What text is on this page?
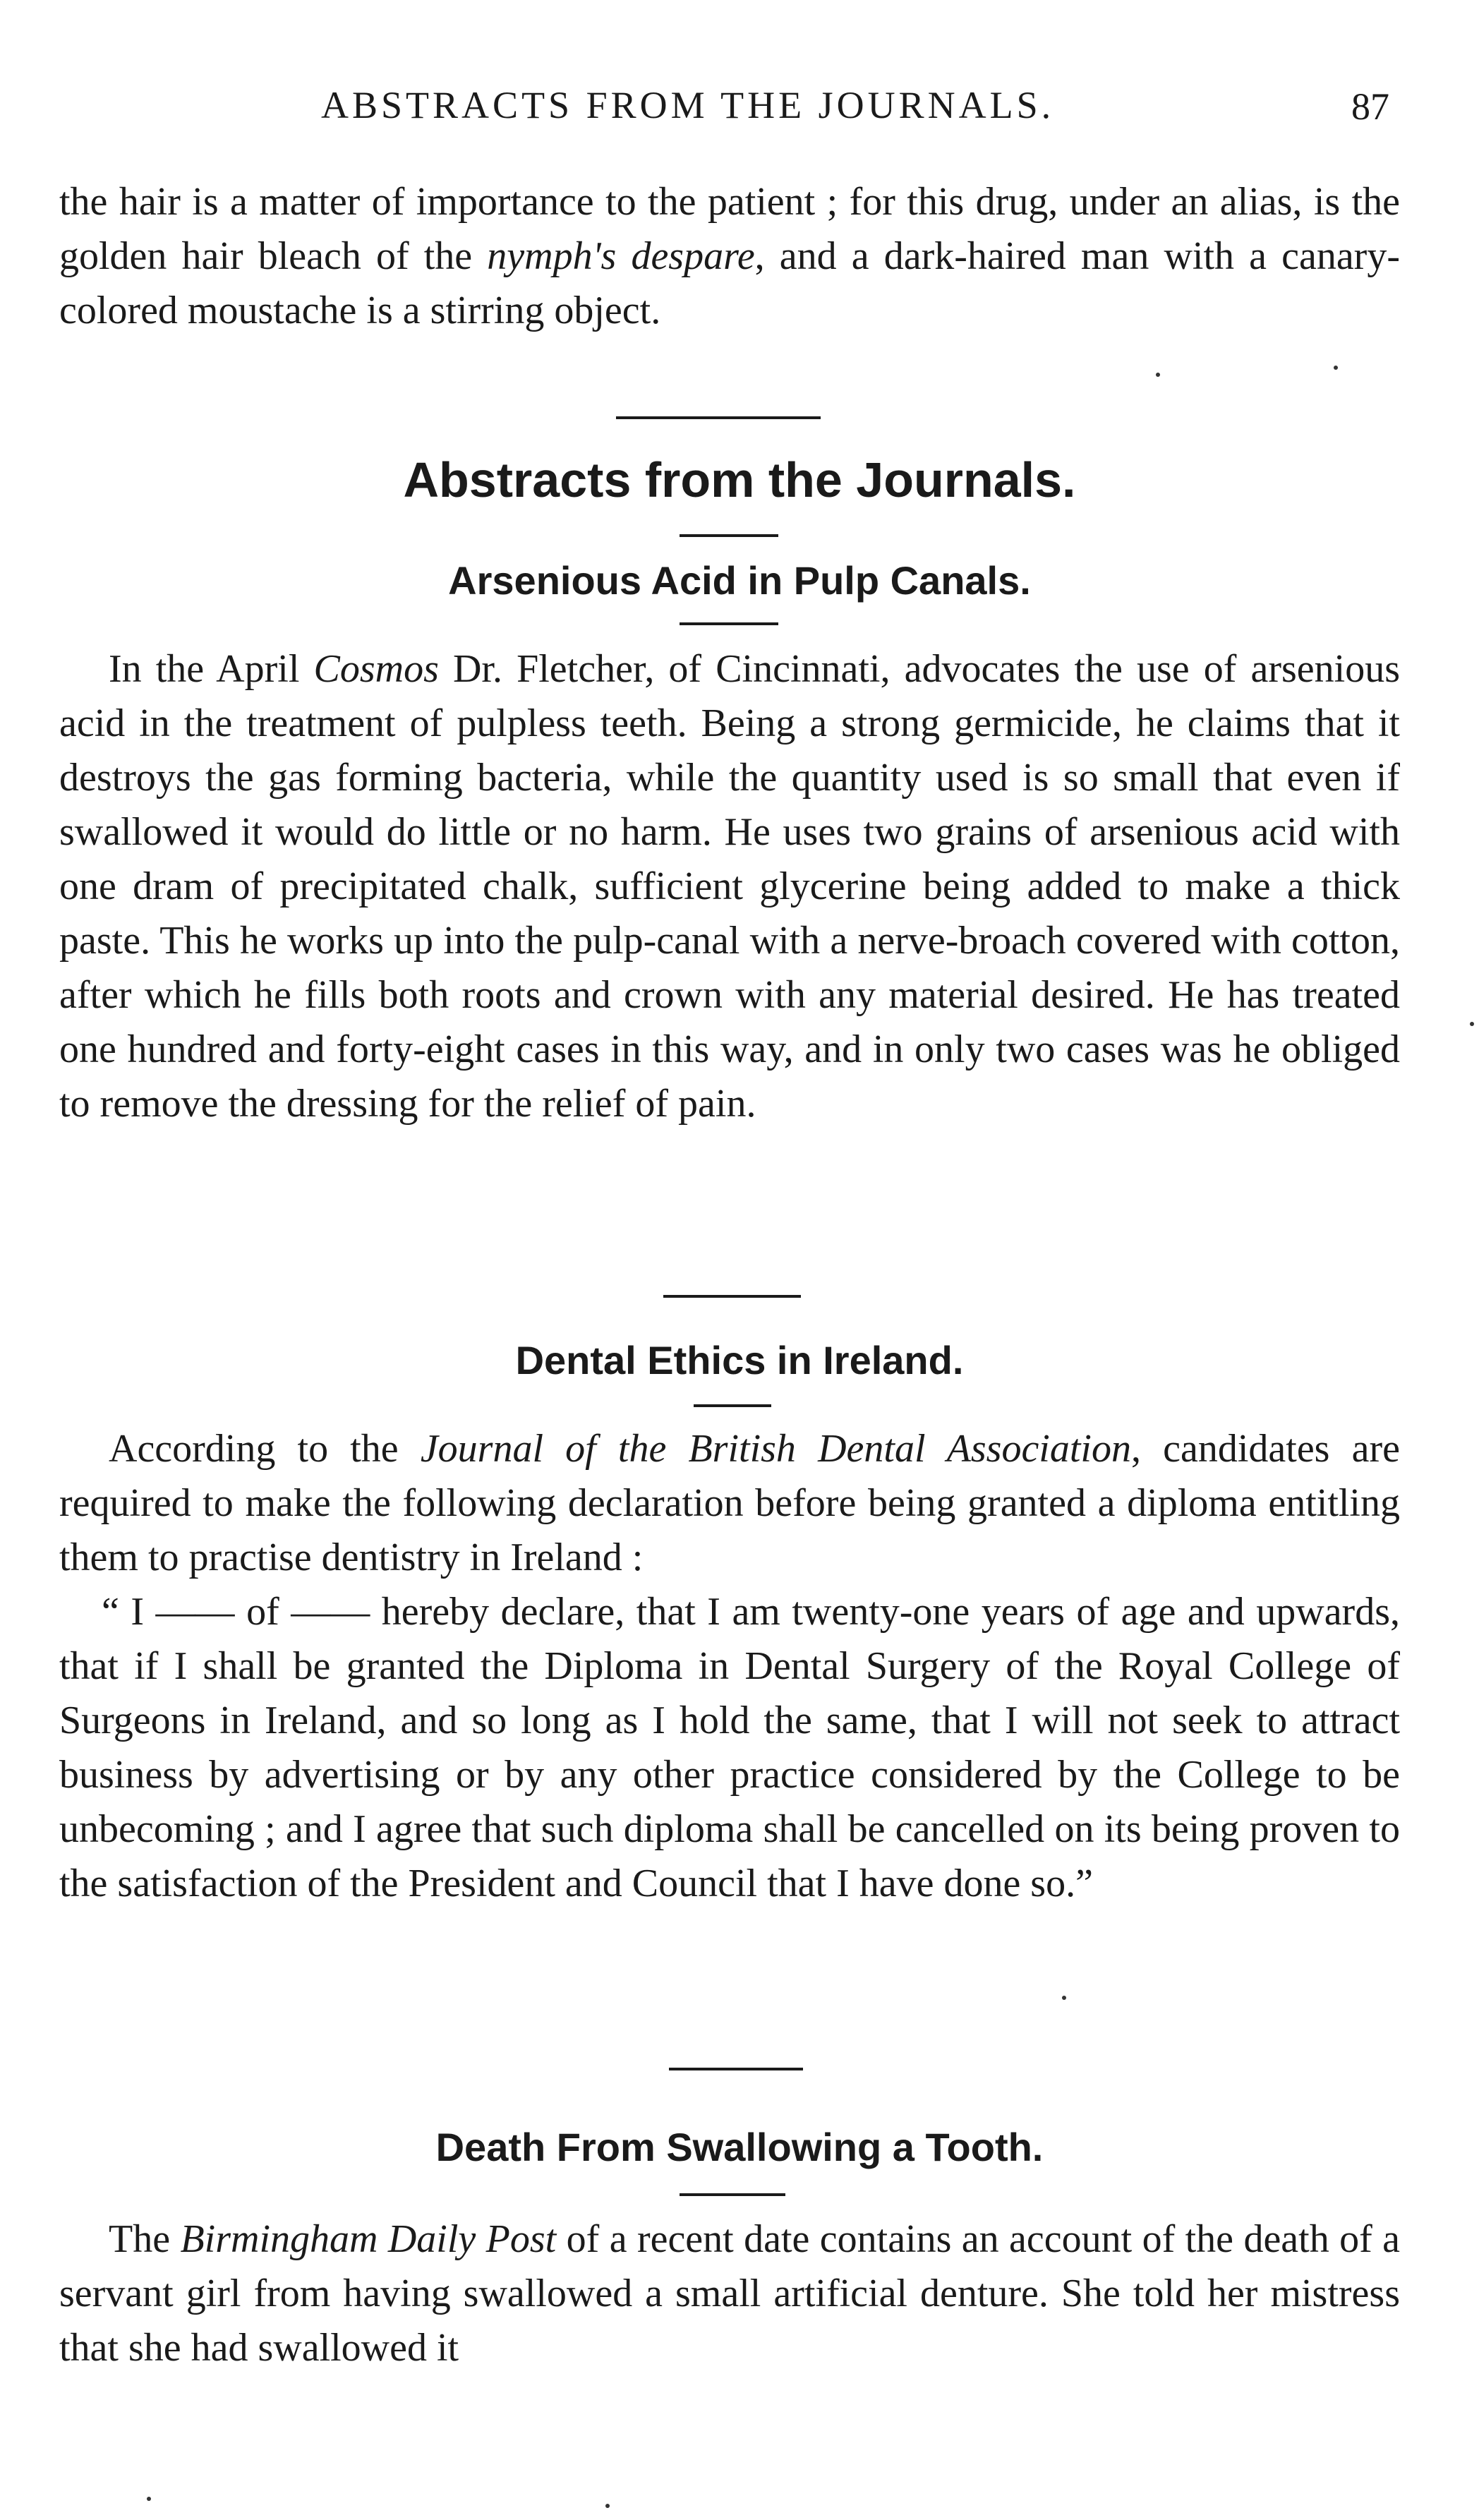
ABSTRACTS FROM THE JOURNALS.	87

the hair is a matter of importance to the patient ; for this drug, under an alias, is the golden hair bleach of the nymph's despare, and a dark-haired man with a canary-colored moustache is a stirring object.

Abstracts from the Journals.
Arsenious Acid in Pulp Canals.

In the April Cosmos Dr. Fletcher, of Cincinnati, advocates the use of arsenious acid in the treatment of pulpless teeth. Being a strong germicide, he claims that it destroys the gas forming bacteria, while the quantity used is so small that even if swallowed it would do little or no harm. He uses two grains of arsenious acid with one dram of precipitated chalk, sufficient glycerine being added to make a thick paste. This he works up into the pulp-canal with a nerve-broach covered with cotton, after which he fills both roots and crown with any material desired. He has treated one hundred and forty-eight cases in this way, and in only two cases was he obliged to remove the dressing for the relief of pain.

Dental Ethics in Ireland.

According to the Journal of the British Dental Association, candidates are required to make the following declaration before being granted a diploma entitling them to practise dentistry in Ireland :

“ I —— of —— hereby declare, that I am twenty-one years of age and upwards, that if I shall be granted the Diploma in Dental Surgery of the Royal College of Surgeons in Ireland, and so long as I hold the same, that I will not seek to attract business by advertising or by any other practice considered by the College to be unbecoming ; and I agree that such diploma shall be cancelled on its being proven to the satisfaction of the President and Council that I have done so.”

Death From Swallowing a Tooth.

The Birmingham Daily Post of a recent date contains an account of the death of a servant girl from having swallowed a small artificial denture. She told her mistress that she had swallowed it
